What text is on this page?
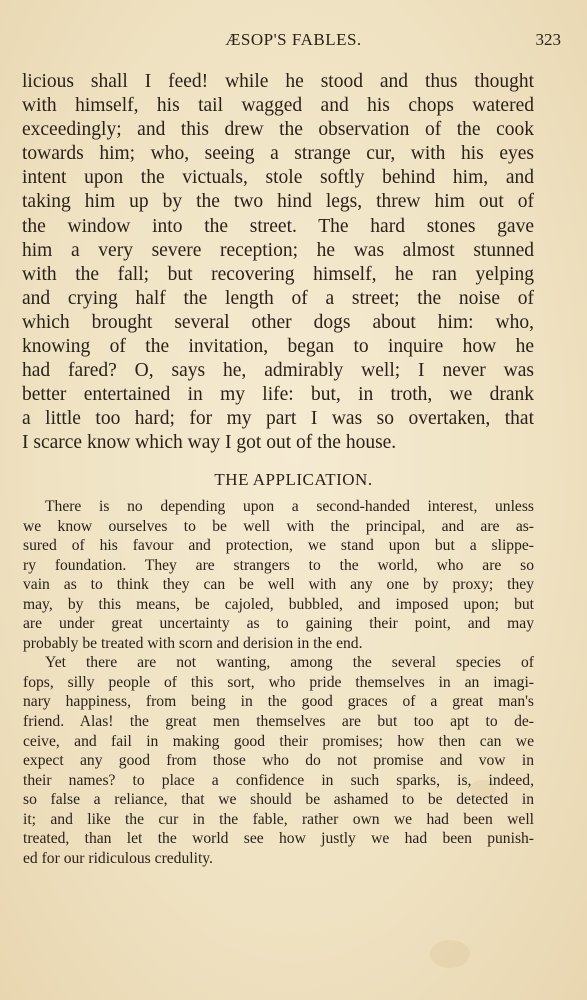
ÆSOP'S FABLES.	323
licious shall I feed! while he stood and thus thought
with himself, his tail wagged and his chops watered
exceedingly; and this drew the observation of the cook
towards him; who, seeing a strange cur, with his eyes
intent upon the victuals, stole softly behind him, and
taking him up by the two hind legs, threw him out of
the window into the street. The hard stones gave
him a very severe reception; he was almost stunned
with the fall; but recovering himself, he ran yelping
and crying half the length of a street; the noise of
which brought several other dogs about him: who,
knowing of the invitation, began to inquire how he
had fared? O, says he, admirably well; I never was
better entertained in my life: but, in troth, we drank
a little too hard; for my part I was so overtaken, that
I scarce know which way I got out of the house.
THE APPLICATION.
There is no depending upon a second-handed interest, unless
we know ourselves to be well with the principal, and are as-
sured of his favour and protection, we stand upon but a slippe-
ry foundation. They are strangers to the world, who are so
vain as to think they can be well with any one by proxy; they
may, by this means, be cajoled, bubbled, and imposed upon; but
are under great uncertainty as to gaining their point, and may
probably be treated with scorn and derision in the end.
Yet there are not wanting, among the several species of
fops, silly people of this sort, who pride themselves in an imagi-
nary happiness, from being in the good graces of a great man's
friend. Alas! the great men themselves are but too apt to de-
ceive, and fail in making good their promises; how then can we
expect any good from those who do not promise and vow in
their names? to place a confidence in such sparks, is, indeed,
so false a reliance, that we should be ashamed to be detected in
it; and like the cur in the fable, rather own we had been well
treated, than let the world see how justly we had been punish-
ed for our ridiculous credulity.
